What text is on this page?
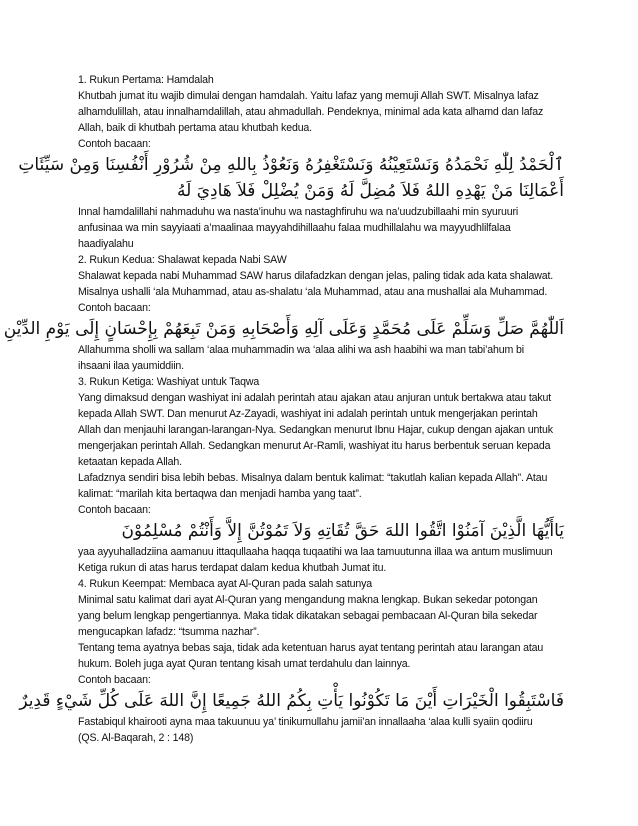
1. Rukun Pertama: Hamdalah
Khutbah jumat itu wajib dimulai dengan hamdalah. Yaitu lafaz yang memuji Allah SWT. Misalnya lafaz
alhamdulillah, atau innalhamdalillah, atau ahmadullah. Pendeknya, minimal ada kata alhamd dan lafaz
Allah, baik di khutbah pertama atau khutbah kedua.
Contoh bacaan:
ٱلْحَمْدُ لِلّٰهِ نَحْمَدُهُ وَنَسْتَعِيْنُهُ وَنَسْتَغْفِرُهُ وَنَعُوْذُ بِاللهِ مِنْ شُرُوْرِ أَنْفُسِنَا وَمِنْ سَيِّئَاتِ
أَعْمَالِنَا مَنْ يَهْدِهِ اللهُ فَلاَ مُضِلَّ لَهُ وَمَنْ يُضْلِلْ فَلاَ هَادِيَ لَهُ
Innal hamdalillahi nahmaduhu wa nasta’inuhu wa nastaghfiruhu wa na’uudzubillaahi min syuruuri
anfusinaa wa min sayyiaati a’maalinaa mayyahdihillaahu falaa mudhillalahu wa mayyudhlilfalaa
haadiyalahu
2. Rukun Kedua: Shalawat kepada Nabi SAW
Shalawat kepada nabi Muhammad SAW harus dilafadzkan dengan jelas, paling tidak ada kata shalawat.
Misalnya ushalli ‘ala Muhammad, atau as-shalatu ‘ala Muhammad, atau ana mushallai ala Muhammad.
Contoh bacaan:
اَللّٰهُمَّ صَلِّ وَسَلِّمْ عَلَى مُحَمَّدٍ وَعَلَى آلِهِ وَأَصْحَابِهِ وَمَنْ تَبِعَهُمْ بِإِحْسَانٍ إِلَى يَوْمِ الدِّيْنِ
Allahumma sholli wa sallam ‘alaa muhammadin wa ‘alaa alihi wa ash haabihi wa man tabi’ahum bi
ihsaani ilaa yaumiddiin.
3. Rukun Ketiga: Washiyat untuk Taqwa
Yang dimaksud dengan washiyat ini adalah perintah atau ajakan atau anjuran untuk bertakwa atau takut
kepada Allah SWT. Dan menurut Az-Zayadi, washiyat ini adalah perintah untuk mengerjakan perintah
Allah dan menjauhi larangan-larangan-Nya. Sedangkan menurut Ibnu Hajar, cukup dengan ajakan untuk
mengerjakan perintah Allah. Sedangkan menurut Ar-Ramli, washiyat itu harus berbentuk seruan kepada
ketaatan kepada Allah.
Lafadznya sendiri bisa lebih bebas. Misalnya dalam bentuk kalimat: “takutlah kalian kepada Allah”. Atau
kalimat: “marilah kita bertaqwa dan menjadi hamba yang taat”.
Contoh bacaan:
يَاأَيُّهَا الَّذِيْنَ آمَنُوْا اتَّقُوا اللهَ حَقَّ تُقَاتِهِ وَلاَ تَمُوْتُنَّ إِلاَّ وَأَنْتُمْ مُسْلِمُوْنَ
yaa ayyuhalladziina aamanuu ittaqullaaha haqqa tuqaatihi wa laa tamuutunna illaa wa antum muslimuun
Ketiga rukun di atas harus terdapat dalam kedua khutbah Jumat itu.
4. Rukun Keempat: Membaca ayat Al-Quran pada salah satunya
Minimal satu kalimat dari ayat Al-Quran yang mengandung makna lengkap. Bukan sekedar potongan
yang belum lengkap pengertiannya. Maka tidak dikatakan sebagai pembacaan Al-Quran bila sekedar
mengucapkan lafadz: “tsumma nazhar”.
Tentang tema ayatnya bebas saja, tidak ada ketentuan harus ayat tentang perintah atau larangan atau
hukum. Boleh juga ayat Quran tentang kisah umat terdahulu dan lainnya.
Contoh bacaan:
فَاسْتَبِقُوا الْخَيْرَاتِ أَيْنَ مَا تَكُوْنُوا يَأْتِ بِكُمُ اللهُ جَمِيعًا إِنَّ اللهَ عَلَى كُلِّ شَيْءٍ قَدِيرٌ
Fastabiqul khairooti ayna maa takuunuu ya’ tinikumullahu jamii’an innallaaha ‘alaa kulli syaiin qodiiru
(QS. Al-Baqarah, 2 : 148)
